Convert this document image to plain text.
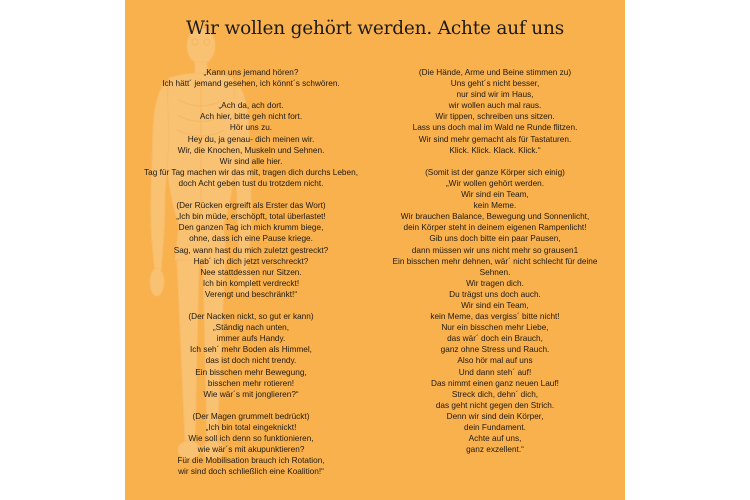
Wir wollen gehört werden. Achte auf uns
„Kann uns jemand hören?
Ich hätt´ jemand gesehen, ich könnt´s schwören.
„Ach da, ach dort.
Ach hier, bitte geh nicht fort.
Hör uns zu.
Hey du, ja genau- dich meinen wir.
Wir, die Knochen, Muskeln und Sehnen.
Wir sind alle hier.
Tag für Tag machen wir das mit, tragen dich durchs Leben,
doch Acht geben tust du trotzdem nicht.
(Der Rücken ergreift als Erster das Wort)
„Ich bin müde, erschöpft, total überlastet!
Den ganzen Tag ich mich krumm biege,
ohne, dass ich eine Pause kriege.
Sag, wann hast du mich zuletzt gestreckt?
Hab´ ich dich jetzt verschreckt?
Nee stattdessen nur Sitzen.
Ich bin komplett verdreckt!
Verengt und beschränkt!“
(Der Nacken nickt, so gut er kann)
„Ständig nach unten,
immer aufs Handy.
Ich seh´ mehr Boden als Himmel,
das ist doch nicht trendy.
Ein bisschen mehr Bewegung,
bisschen mehr rotieren!
Wie wär´s mit jonglieren?“
(Der Magen grummelt bedrückt)
„Ich bin total eingeknickt!
Wie soll ich denn so funktionieren,
wie wär´s mit akupunktieren?
Für die Mobilisation brauch ich Rotation,
wir sind doch schließlich eine Koalition!“
(Die Hände, Arme und Beine stimmen zu)
Uns geht´s nicht besser,
nur sind wir im Haus,
wir wollen auch mal raus.
Wir tippen, schreiben uns sitzen.
Lass uns doch mal im Wald ne Runde flitzen.
Wir sind mehr gemacht als für Tastaturen.
Klick. Klick. Klack. Klick.“
(Somit ist der ganze Körper sich einig)
„Wir wollen gehört werden.
Wir sind ein Team,
kein Meme.
Wir brauchen Balance, Bewegung und Sonnenlicht,
dein Körper steht in deinem eigenen Rampenlicht!
Gib uns doch bitte ein paar Pausen,
dann müssen wir uns nicht mehr so grausen1
Ein bisschen mehr dehnen, wär´ nicht schlecht für deine
Sehnen.
Wir tragen dich.
Du trägst uns doch auch.
Wir sind ein Team,
kein Meme, das vergiss´ bitte nicht!
Nur ein bisschen mehr Liebe,
das wär´ doch ein Brauch,
ganz ohne Stress und Rauch.
Also hör mal auf uns
Und dann steh´ auf!
Das nimmt einen ganz neuen Lauf!
Streck dich, dehn´ dich,
das geht nicht gegen den Strich.
Denn wir sind dein Körper,
dein Fundament.
Achte auf uns,
ganz exzellent.“
